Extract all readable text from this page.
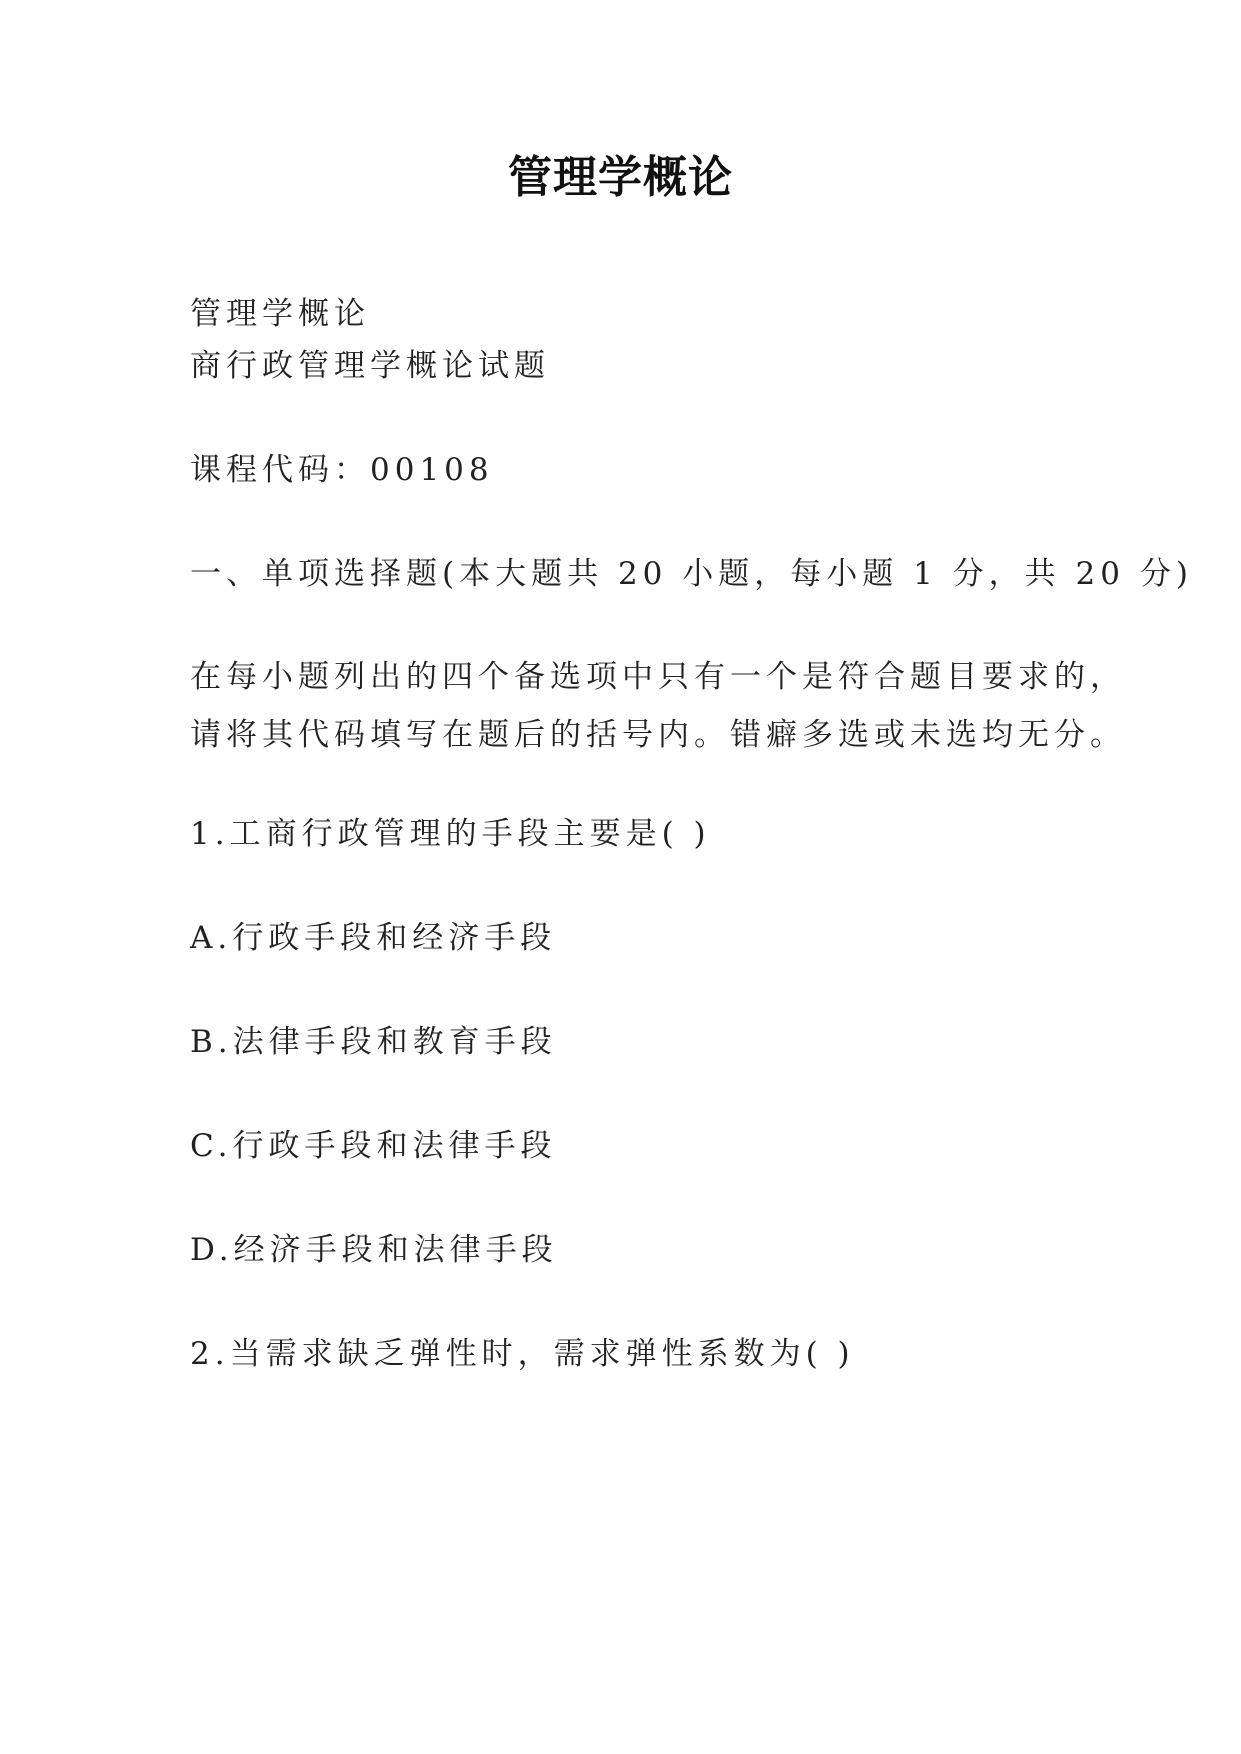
管理学概论
管理学概论
商行政管理学概论试题
课程代码：00108
一、单项选择题(本大题共 20 小题，每小题 1 分，共 20 分)
在每小题列出的四个备选项中只有一个是符合题目要求的，
请将其代码填写在题后的括号内。错癖多选或未选均无分。
1.工商行政管理的手段主要是( )
A.行政手段和经济手段
B.法律手段和教育手段
C.行政手段和法律手段
D.经济手段和法律手段
2.当需求缺乏弹性时，需求弹性系数为( )
